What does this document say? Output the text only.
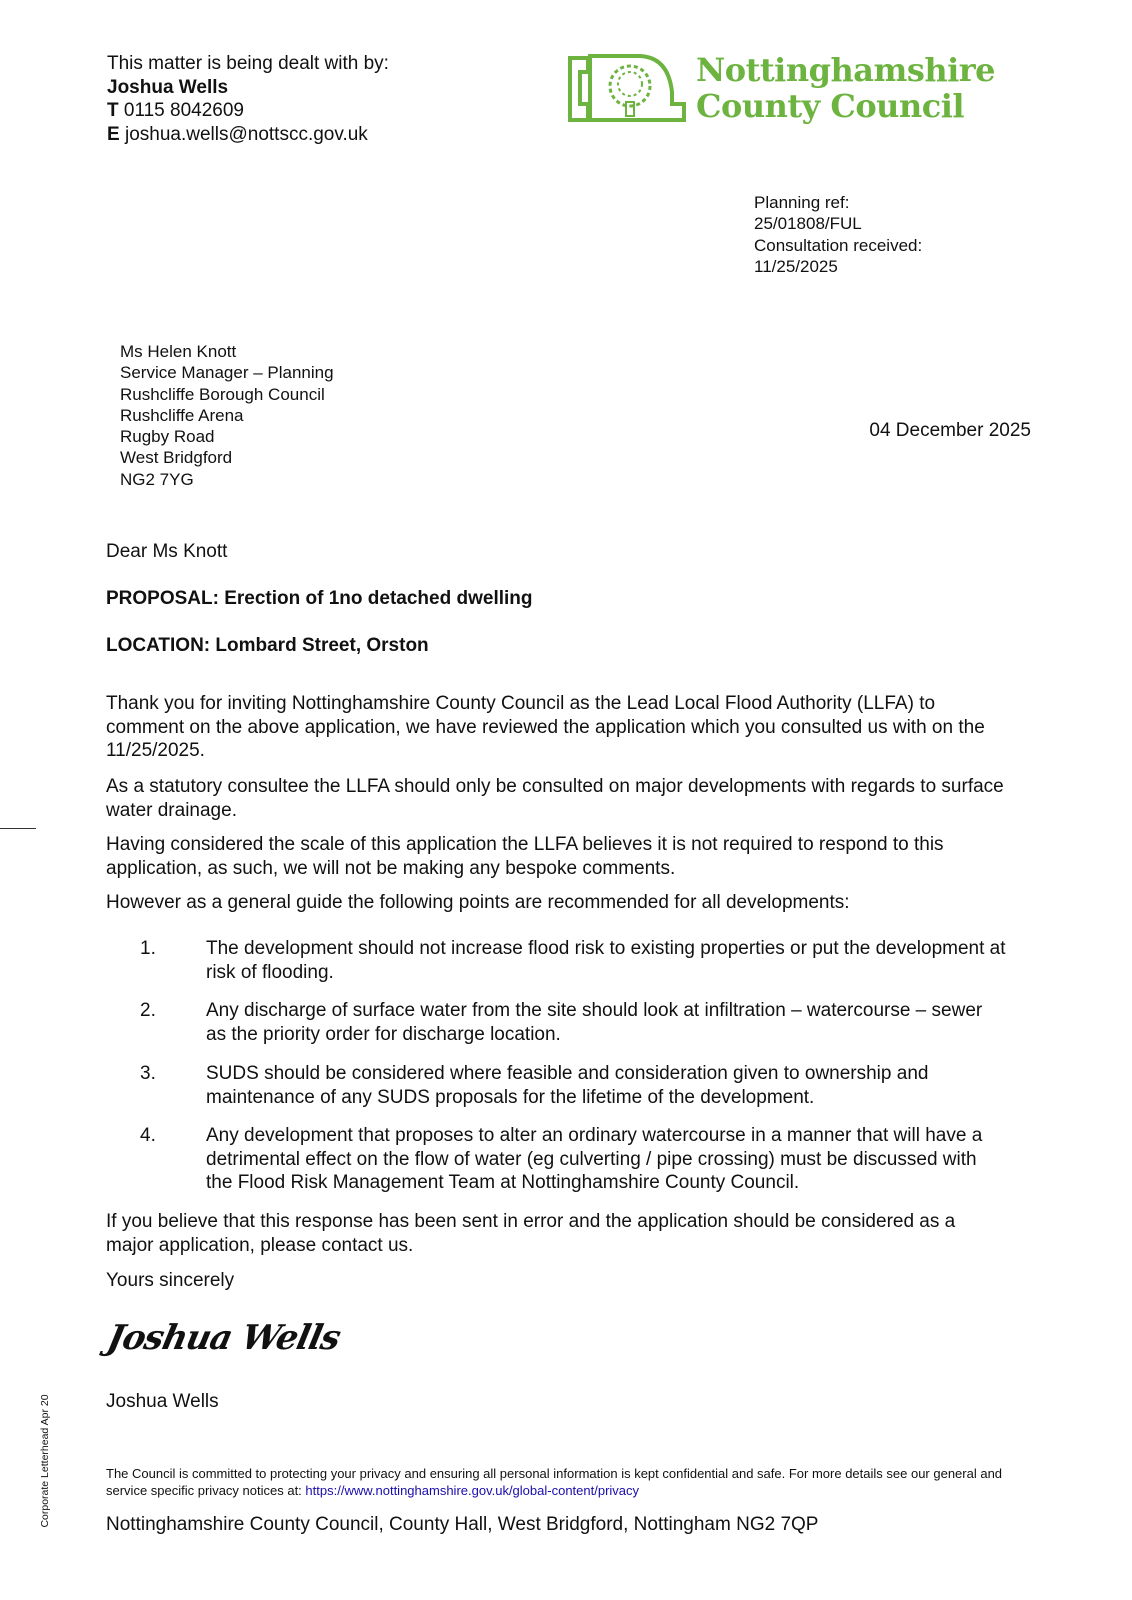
This matter is being dealt with by:
Joshua Wells
T 0115 8042609
E joshua.wells@nottscc.gov.uk
Nottinghamshire
County Council
Planning ref:
25/01808/FUL
Consultation received:
11/25/2025
Ms Helen Knott
Service Manager – Planning
Rushcliffe Borough Council
Rushcliffe Arena
Rugby Road
West Bridgford
NG2 7YG
04 December 2025
Dear Ms Knott
PROPOSAL: Erection of 1no detached dwelling
LOCATION: Lombard Street, Orston

Thank you for inviting Nottinghamshire County Council as the Lead Local Flood Authority (LLFA) to comment on the above application, we have reviewed the application which you consulted us with on the 11/25/2025.

As a statutory consultee the LLFA should only be consulted on major developments with regards to surface water drainage.

Having considered the scale of this application the LLFA believes it is not required to respond to this application, as such, we will not be making any bespoke comments.

However as a general guide the following points are recommended for all developments:

1.	The development should not increase flood risk to existing properties or put the development at risk of flooding.
2.	Any discharge of surface water from the site should look at infiltration – watercourse – sewer as the priority order for discharge location.
3.	SUDS should be considered where feasible and consideration given to ownership and maintenance of any SUDS proposals for the lifetime of the development.
4.	Any development that proposes to alter an ordinary watercourse in a manner that will have a detrimental effect on the flow of water (eg culverting / pipe crossing) must be discussed with the Flood Risk Management Team at Nottinghamshire County Council.

If you believe that this response has been sent in error and the application should be considered as a major application, please contact us.

Yours sincerely
Joshua Wells
Joshua Wells
Corporate Letterhead Apr 20	The Council is committed to protecting your privacy and ensuring all personal information is kept confidential and safe. For more details see our general and service specific privacy notices at: https://www.nottinghamshire.gov.uk/global-content/privacy
Nottinghamshire County Council, County Hall, West Bridgford, Nottingham NG2 7QP
